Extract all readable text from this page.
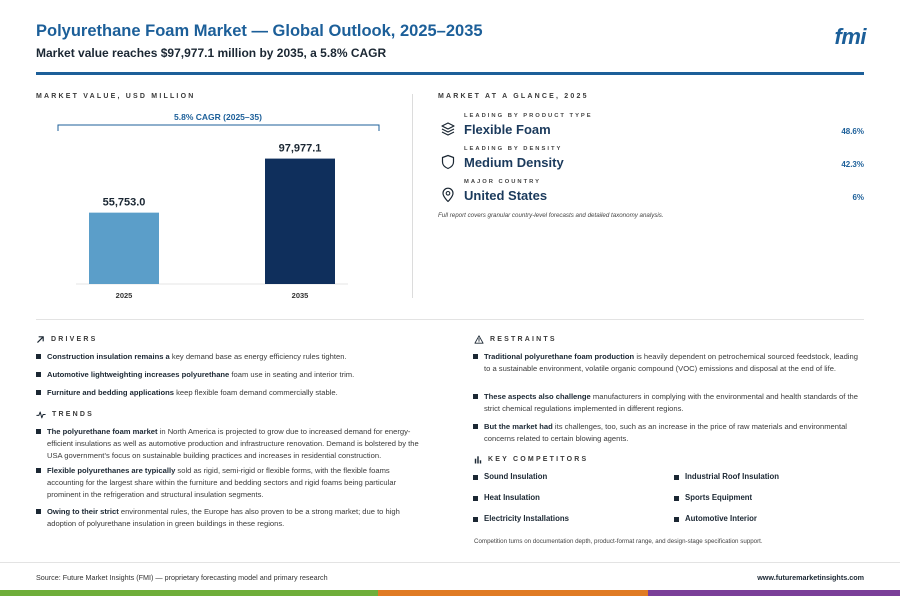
Polyurethane Foam Market — Global Outlook, 2025–2035
Market value reaches $97,977.1 million by 2035, a 5.8% CAGR
fmi
MARKET VALUE, USD MILLION
5.8% CAGR (2025–35)
55,753.0
2025
97,977.1
2035
MARKET AT A GLANCE, 2025
LEADING BY PRODUCT TYPE
Flexible Foam	48.6%
LEADING BY DENSITY
Medium Density	42.3%
MAJOR COUNTRY
United States	6%
Full report covers granular country-level forecasts and detailed taxonomy analysis.
DRIVERS
Construction insulation remains a key demand base as energy efficiency rules tighten.
Automotive lightweighting increases polyurethane foam use in seating and interior trim.
Furniture and bedding applications keep flexible foam demand commercially stable.
TRENDS
The polyurethane foam market in North America is projected to grow due to increased demand for energy-efficient insulations as well as automotive production and infrastructure renovation. Demand is bolstered by the USA government’s focus on sustainable building practices and increases in residential construction.
Flexible polyurethanes are typically sold as rigid, semi-rigid or flexible forms, with the flexible foams accounting for the largest share within the furniture and bedding sectors and rigid foams being particular prominent in the refrigeration and structural insulation segments.
Owing to their strict environmental rules, the Europe has also proven to be a strong market; due to high adoption of polyurethane insulation in green buildings in these regions.
RESTRAINTS
Traditional polyurethane foam production is heavily dependent on petrochemical sourced feedstock, leading to a sustainable environment, volatile organic compound (VOC) emissions and disposal at the end of life.
These aspects also challenge manufacturers in complying with the environmental and health standards of the strict chemical regulations implemented in different regions.
But the market had its challenges, too, such as an increase in the price of raw materials and environmental concerns related to certain blowing agents.
KEY COMPETITORS
Sound Insulation	Industrial Roof Insulation
Heat Insulation	Sports Equipment
Electricity Installations	Automotive Interior
Competition turns on documentation depth, product-format range, and design-stage specification support.
Source: Future Market Insights (FMI) — proprietary forecasting model and primary research	www.futuremarketinsights.com
